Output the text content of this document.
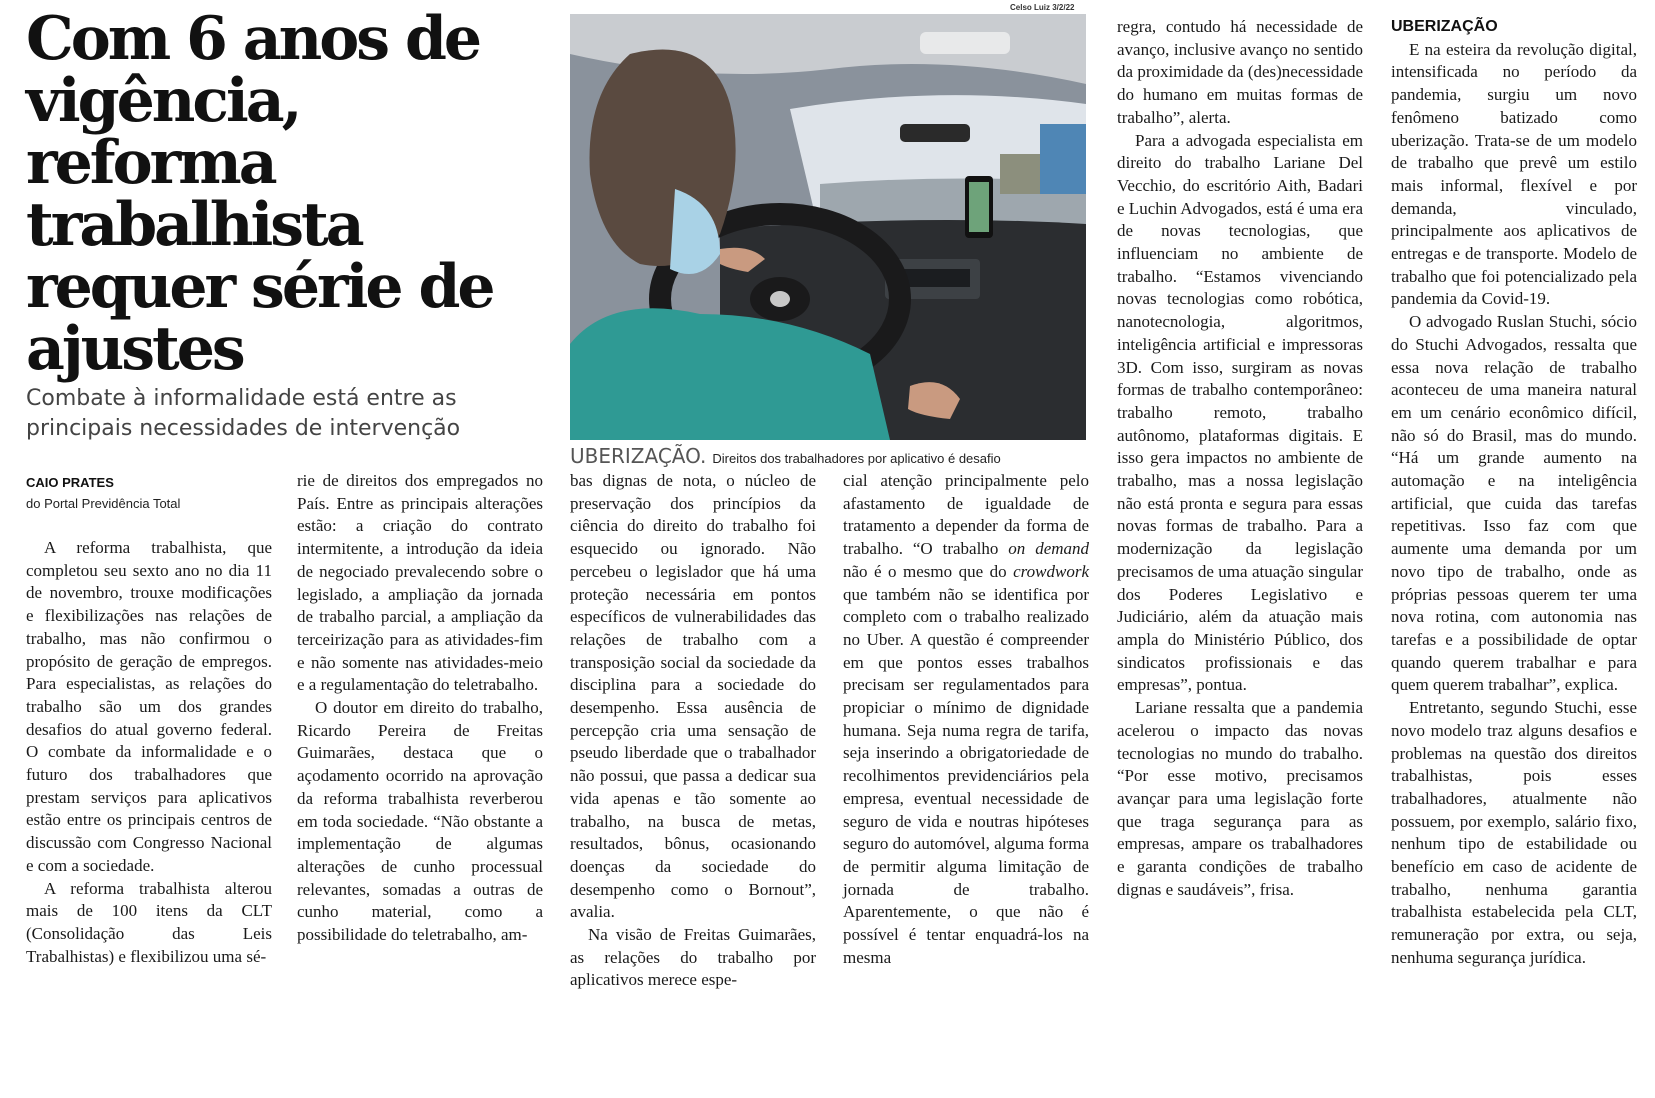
Com 6 anos de vigência, reforma trabalhista requer série de ajustes

Combate à informalidade está entre as principais necessidades de intervenção

CAIO PRATES
do Portal Previdência Total
Celso Luiz 3/2/22
UBERIZAÇÃO. Direitos dos trabalhadores por aplicativo é desafio

A reforma trabalhista, que completou seu sexto ano no dia 11 de novembro, trouxe modificações e flexibilizações nas relações de trabalho, mas não confirmou o propósito de geração de empregos. Para especialistas, as relações do trabalho são um dos grandes desafios do atual governo federal. O combate da informalidade e o futuro dos trabalhadores que prestam serviços para aplicativos estão entre os principais centros de discussão com Congresso Nacional e com a sociedade.

A reforma trabalhista alterou mais de 100 itens da CLT (Consolidação das Leis Trabalhistas) e flexibilizou uma sé-

rie de direitos dos empregados no País. Entre as principais alterações estão: a criação do contrato intermitente, a introdução da ideia de negociado prevalecendo sobre o legislado, a ampliação da jornada de trabalho parcial, a ampliação da terceirização para as atividades-fim e não somente nas atividades-meio e a regulamentação do teletrabalho.

O doutor em direito do trabalho, Ricardo Pereira de Freitas Guimarães, destaca que o açodamento ocorrido na aprovação da reforma trabalhista reverberou em toda sociedade. “Não obstante a implementação de algumas alterações de cunho processual relevantes, somadas a outras de cunho material, como a possibilidade do teletrabalho, am-

bas dignas de nota, o núcleo de preservação dos princípios da ciência do direito do trabalho foi esquecido ou ignorado. Não percebeu o legislador que há uma proteção necessária em pontos específicos de vulnerabilidades das relações de trabalho com a transposição social da sociedade da disciplina para a sociedade do desempenho. Essa ausência de percepção cria uma sensação de pseudo liberdade que o trabalhador não possui, que passa a dedicar sua vida apenas e tão somente ao trabalho, na busca de metas, resultados, bônus, ocasionando doenças da sociedade do desempenho como o Bornout”, avalia.

Na visão de Freitas Guimarães, as relações do trabalho por aplicativos merece espe-

cial atenção principalmente pelo afastamento de igualdade de tratamento a depender da forma de trabalho. “O trabalho on demand não é o mesmo que do crowdwork que também não se identifica por completo com o trabalho realizado no Uber. A questão é compreender em que pontos esses trabalhos precisam ser regulamentados para propiciar o mínimo de dignidade humana. Seja numa regra de tarifa, seja inserindo a obrigatoriedade de recolhimentos previdenciários pela empresa, eventual necessidade de seguro de vida e noutras hipóteses seguro do automóvel, alguma forma de permitir alguma limitação de jornada de trabalho. Aparentemente, o que não é possível é tentar enquadrá-los na mesma

regra, contudo há necessidade de avanço, inclusive avanço no sentido da proximidade da (des)necessidade do humano em muitas formas de trabalho”, alerta.

Para a advogada especialista em direito do trabalho Lariane Del Vecchio, do escritório Aith, Badari e Luchin Advogados, está é uma era de novas tecnologias, que influenciam no ambiente de trabalho. “Estamos vivenciando novas tecnologias como robótica, nanotecnologia, algoritmos, inteligência artificial e impressoras 3D. Com isso, surgiram as novas formas de trabalho contemporâneo: trabalho remoto, trabalho autônomo, plataformas digitais. E isso gera impactos no ambiente de trabalho, mas a nossa legislação não está pronta e segura para essas novas formas de trabalho. Para a modernização da legislação precisamos de uma atuação singular dos Poderes Legislativo e Judiciário, além da atuação mais ampla do Ministério Público, dos sindicatos profissionais e das empresas”, pontua.

Lariane ressalta que a pandemia acelerou o impacto das novas tecnologias no mundo do trabalho. “Por esse motivo, precisamos avançar para uma legislação forte que traga segurança para as empresas, ampare os trabalhadores e garanta condições de trabalho dignas e saudáveis”, frisa.

UBERIZAÇÃO

E na esteira da revolução digital, intensificada no período da pandemia, surgiu um novo fenômeno batizado como uberização. Trata-se de um modelo de trabalho que prevê um estilo mais informal, flexível e por demanda, vinculado, principalmente aos aplicativos de entregas e de transporte. Modelo de trabalho que foi potencializado pela pandemia da Covid-19.

O advogado Ruslan Stuchi, sócio do Stuchi Advogados, ressalta que essa nova relação de trabalho aconteceu de uma maneira natural em um cenário econômico difícil, não só do Brasil, mas do mundo. “Há um grande aumento na automação e na inteligência artificial, que cuida das tarefas repetitivas. Isso faz com que aumente uma demanda por um novo tipo de trabalho, onde as próprias pessoas querem ter uma nova rotina, com autonomia nas tarefas e a possibilidade de optar quando querem trabalhar e para quem querem trabalhar”, explica.

Entretanto, segundo Stuchi, esse novo modelo traz alguns desafios e problemas na questão dos direitos trabalhistas, pois esses trabalhadores, atualmente não possuem, por exemplo, salário fixo, nenhum tipo de estabilidade ou benefício em caso de acidente de trabalho, nenhuma garantia trabalhista estabelecida pela CLT, remuneração por extra, ou seja, nenhuma segurança jurídica.
